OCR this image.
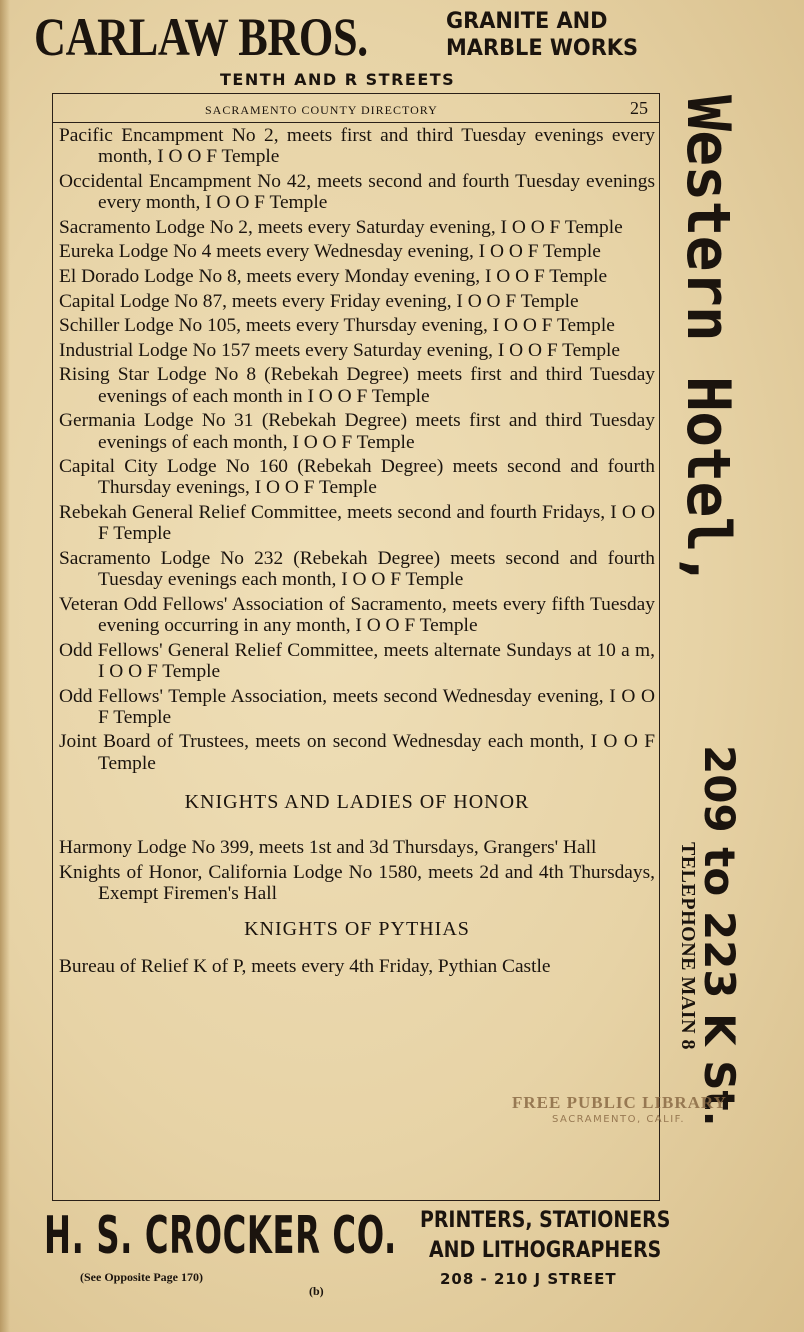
CARLAW BROS.	GRANITE AND
MARBLE WORKS
TENTH AND R STREETS
SACRAMENTO COUNTY DIRECTORY	25

Pacific Encampment No 2, meets first and third Tuesday evenings every month, I O O F Temple

Occidental Encampment No 42, meets second and fourth Tuesday evenings every month, I O O F Temple

Sacramento Lodge No 2, meets every Saturday evening, I O O F Temple

Eureka Lodge No 4 meets every Wednesday evening, I O O F Temple

El Dorado Lodge No 8, meets every Monday evening, I O O F Temple

Capital Lodge No 87, meets every Friday evening, I O O F Temple

Schiller Lodge No 105, meets every Thursday evening, I O O F Temple

Industrial Lodge No 157 meets every Saturday evening, I O O F Temple

Rising Star Lodge No 8 (Rebekah Degree) meets first and third Tuesday evenings of each month in I O O F Temple

Germania Lodge No 31 (Rebekah Degree) meets first and third Tuesday evenings of each month, I O O F Temple

Capital City Lodge No 160 (Rebekah Degree) meets second and fourth Thursday evenings, I O O F Temple

Rebekah General Relief Committee, meets second and fourth Fridays, I O O F Temple

Sacramento Lodge No 232 (Rebekah Degree) meets second and fourth Tuesday evenings each month, I O O F Temple

Veteran Odd Fellows' Association of Sacramento, meets every fifth Tuesday evening occurring in any month, I O O F Temple

Odd Fellows' General Relief Committee, meets alternate Sundays at 10 a m, I O O F Temple

Odd Fellows' Temple Association, meets second Wednesday evening, I O O F Temple

Joint Board of Trustees, meets on second Wednesday each month, I O O F Temple

KNIGHTS AND LADIES OF HONOR

Harmony Lodge No 399, meets 1st and 3d Thursdays, Grangers' Hall

Knights of Honor, California Lodge No 1580, meets 2d and 4th Thursdays, Exempt Firemen's Hall

KNIGHTS OF PYTHIAS

Bureau of Relief K of P, meets every 4th Friday, Pythian Castle

Western Hotel,
209 to 223 K St.
TELEPHONE MAIN 8
FREE PUBLIC LIBRARY
SACRAMENTO, CALIF.
H. S. CROCKER CO. PRINTERS, STATIONERS
AND LITHOGRAPHERS
(See Opposite Page 170)	208 - 210 J STREET
(b)
